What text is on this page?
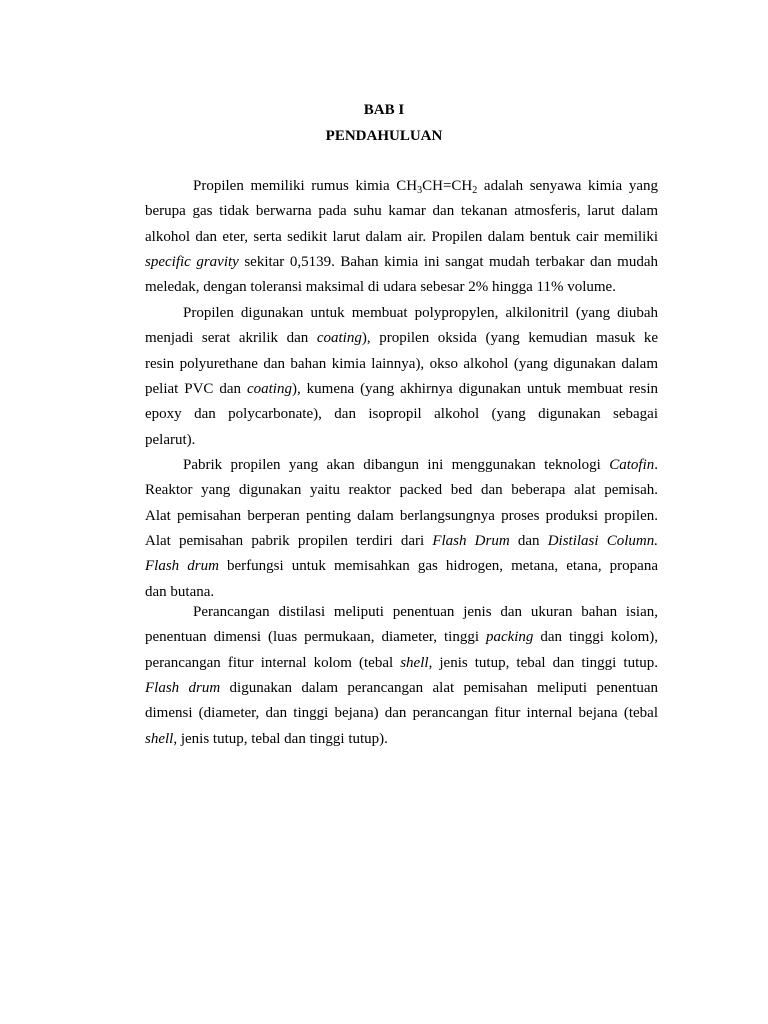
BAB I
PENDAHULUAN
Propilen memiliki rumus kimia $CH_3CH=CH_2$ adalah senyawa kimia yang
berupa gas tidak berwarna pada suhu kamar dan tekanan atmosferis, larut dalam
alkohol dan eter, serta sedikit larut dalam air. Propilen dalam bentuk cair memiliki
specific gravity sekitar 0,5139. Bahan kimia ini sangat mudah terbakar dan mudah
meledak, dengan toleransi maksimal di udara sebesar 2% hingga 11% volume.
Propilen digunakan untuk membuat polypropylen, alkilonitril (yang diubah
menjadi serat akrilik dan coating), propilen oksida (yang kemudian masuk ke
resin polyurethane dan bahan kimia lainnya), okso alkohol (yang digunakan dalam
peliat PVC dan coating), kumena (yang akhirnya digunakan untuk membuat resin
epoxy dan polycarbonate), dan isopropil alkohol (yang digunakan sebagai
pelarut).
Pabrik propilen yang akan dibangun ini menggunakan teknologi Catofin.
Reaktor yang digunakan yaitu reaktor packed bed dan beberapa alat pemisah.
Alat pemisahan berperan penting dalam berlangsungnya proses produksi propilen.
Alat pemisahan pabrik propilen terdiri dari Flash Drum dan Distilasi Column.
Flash drum berfungsi untuk memisahkan gas hidrogen, metana, etana, propana
dan butana.
Perancangan distilasi meliputi penentuan jenis dan ukuran bahan isian,
penentuan dimensi (luas permukaan, diameter, tinggi packing dan tinggi kolom),
perancangan fitur internal kolom (tebal shell, jenis tutup, tebal dan tinggi tutup.
Flash drum digunakan dalam perancangan alat pemisahan meliputi penentuan
dimensi (diameter, dan tinggi bejana) dan perancangan fitur internal bejana (tebal
shell, jenis tutup, tebal dan tinggi tutup).
